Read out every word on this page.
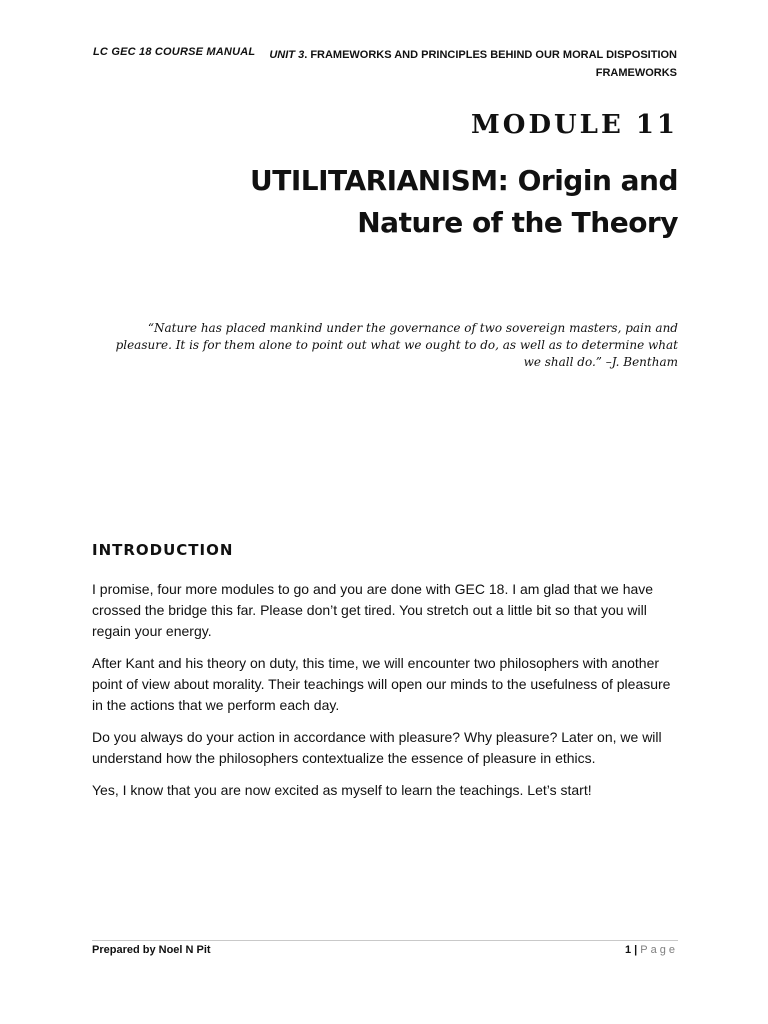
LC GEC 18 COURSE MANUAL	UNIT 3. FRAMEWORKS AND PRINCIPLES BEHIND OUR MORAL DISPOSITION
FRAMEWORKS
MODULE 11
UTILITARIANISM: Origin and
Nature of the Theory
“Nature has placed mankind under the governance of two sovereign masters, pain and
pleasure. It is for them alone to point out what we ought to do, as well as to determine what
we shall do.” –J. Bentham
INTRODUCTION

I promise, four more modules to go and you are done with GEC 18. I am glad that we have crossed the bridge this far. Please don’t get tired. You stretch out a little bit so that you will regain your energy.

After Kant and his theory on duty, this time, we will encounter two philosophers with another point of view about morality. Their teachings will open our minds to the usefulness of pleasure in the actions that we perform each day.

Do you always do your action in accordance with pleasure? Why pleasure? Later on, we will understand how the philosophers contextualize the essence of pleasure in ethics.

Yes, I know that you are now excited as myself to learn the teachings. Let’s start!

Prepared by Noel N Pit	1 | Page
